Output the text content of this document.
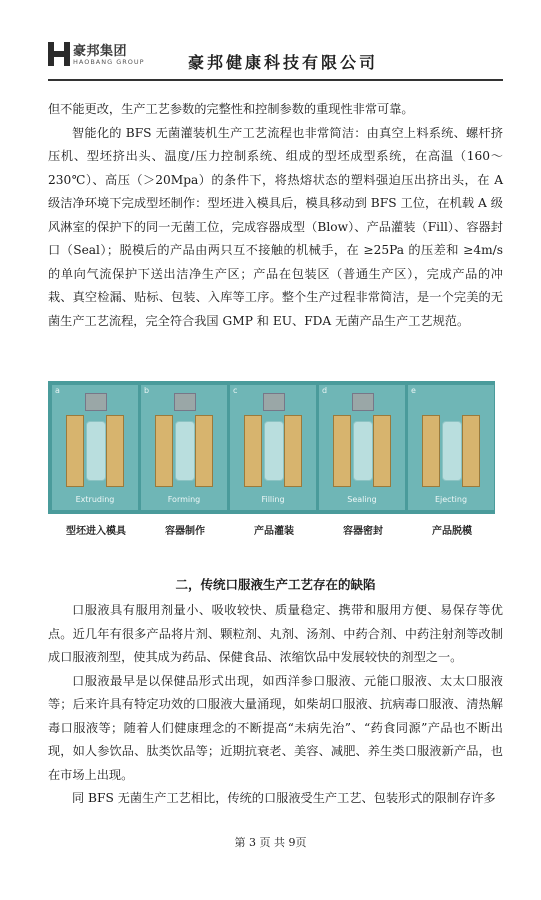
豪邦集团
HAOBANG GROUP	豪邦健康科技有限公司

但不能更改，生产工艺参数的完整性和控制参数的重现性非常可靠。

智能化的 BFS 无菌灌装机生产工艺流程也非常简洁：由真空上料系统、螺杆挤压机、型坯挤出头、温度/压力控制系统、组成的型坯成型系统，在高温（160～230℃）、高压（＞20Mpa）的条件下，将热熔状态的塑料强迫压出挤出头，在 A 级洁净环境下完成型坯制作：型坯进入模具后，模具移动到 BFS 工位，在机载 A 级风淋室的保护下的同一无菌工位，完成容器成型（Blow）、产品灌装（Fill）、容器封口（Seal）；脱模后的产品由两只互不接触的机械手，在 ≥25Pa 的压差和 ≥4m/s 的单向气流保护下送出洁净生产区；产品在包装区（普通生产区），完成产品的冲栽、真空检漏、贴标、包装、入库等工序。整个生产过程非常简洁，是一个完美的无菌生产工艺流程，完全符合我国 GMP 和 EU、FDA 无菌产品生产工艺规范。

a
Extruding
b
Forming
c
Filling
d
Sealing
e
Ejecting
型坯进入模具	容器制作	产品灌装	容器密封	产品脱模
二，传统口服液生产工艺存在的缺陷

口服液具有服用剂量小、吸收较快、质量稳定、携带和服用方便、易保存等优点。近几年有很多产品将片剂、颗粒剂、丸剂、汤剂、中药合剂、中药注射剂等改制成口服液剂型，使其成为药品、保健食品、浓缩饮品中发展较快的剂型之一。

口服液最早是以保健品形式出现，如西洋参口服液、元能口服液、太太口服液等；后来许具有特定功效的口服液大量涌现，如柴胡口服液、抗病毒口服液、清热解毒口服液等；随着人们健康理念的不断提高“未病先治”、“药食同源”产品也不断出现，如人参饮品、肽类饮品等；近期抗衰老、美容、减肥、养生类口服液新产品，也在市场上出现。

同 BFS 无菌生产工艺相比，传统的口服液受生产工艺、包装形式的限制存许多

第 3 页 共 9页
